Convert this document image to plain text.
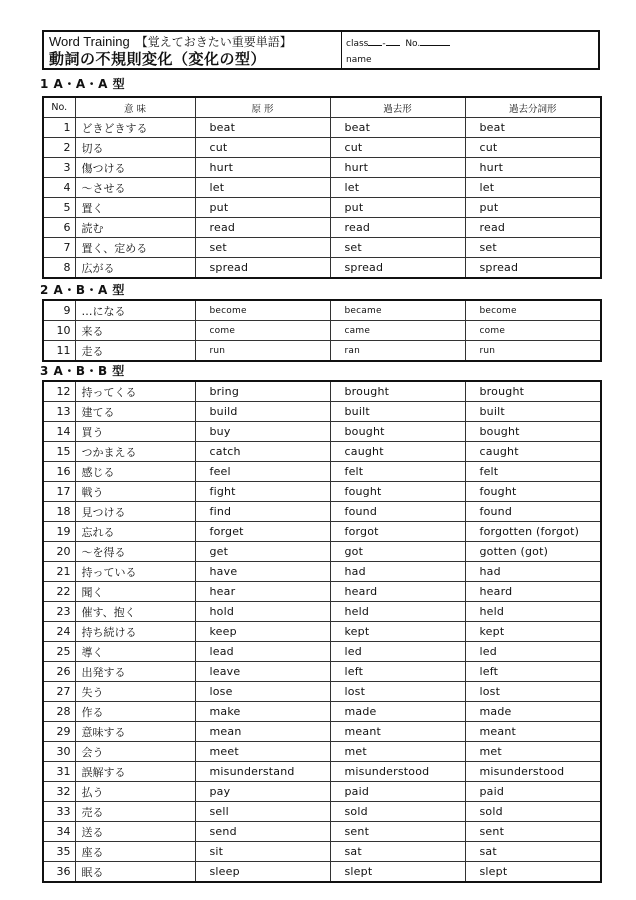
Word Training 【覚えておきたい重要単語】
動詞の不規則変化（変化の型）
class - No.
name
1 A・A・A 型
No.	意 味	原 形	過去形	過去分詞形
1	どきどきする	beat	beat	beat
2	切る	cut	cut	cut
3	傷つける	hurt	hurt	hurt
4	～させる	let	let	let
5	置く	put	put	put
6	読む	read	read	read
7	置く、定める	set	set	set
8	広がる	spread	spread	spread
2 A・B・A 型
9	…になる	become	became	become
10	来る	come	came	come
11	走る	run	ran	run
3 A・B・B 型
12	持ってくる	bring	brought	brought
13	建てる	build	built	built
14	買う	buy	bought	bought
15	つかまえる	catch	caught	caught
16	感じる	feel	felt	felt
17	戦う	fight	fought	fought
18	見つける	find	found	found
19	忘れる	forget	forgot	forgotten (forgot)
20	～を得る	get	got	gotten (got)
21	持っている	have	had	had
22	聞く	hear	heard	heard
23	催す、抱く	hold	held	held
24	持ち続ける	keep	kept	kept
25	導く	lead	led	led
26	出発する	leave	left	left
27	失う	lose	lost	lost
28	作る	make	made	made
29	意味する	mean	meant	meant
30	会う	meet	met	met
31	誤解する	misunderstand	misunderstood	misunderstood
32	払う	pay	paid	paid
33	売る	sell	sold	sold
34	送る	send	sent	sent
35	座る	sit	sat	sat
36	眠る	sleep	slept	slept
